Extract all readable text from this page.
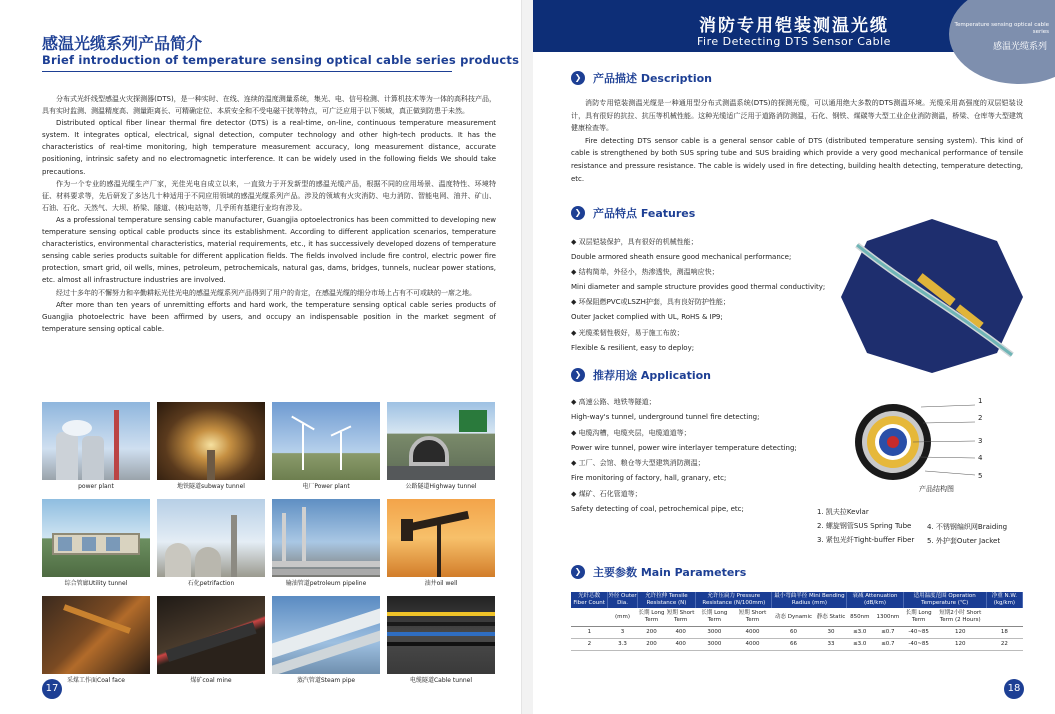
感温光缆系列产品简介
Brief introduction of temperature sensing optical cable series products

分布式光纤线型感温火灾探测器(DTS)，是一种实时、在线、连续的温度测量系统，集光、电、信号检测、计算机技术等为一体的高科技产品，具有实时监测、测温精度高、测量距离长、可精确定位、本质安全和不受电磁干扰等特点，可广泛应用于以下领域，真正做到防患于未然。

Distributed optical fiber linear thermal fire detector (DTS) is a real-time, on-line, continuous temperature measurement system. It integrates optical, electrical, signal detection, computer technology and other high-tech products. It has the characteristics of real-time monitoring, high temperature measurement accuracy, long measurement distance, accurate positioning, intrinsic safety and no electromagnetic interference. It can be widely used in the following fields We should take precautions.

作为一个专业的感温光缆生产厂家，光佳光电自成立以来，一直致力于开发新型的感温光缆产品，根据不同的应用场景、温度特性、环境特征、材料要求等，先后研发了多达几十种适用于不同应用领域的感温光缆系列产品。涉及的领域有火灾消防、电力消防、智能电网、油井、矿山、石油、石化、天然气、大坝、桥梁、隧道、(核)电站等，几乎所有基建行业均有涉及。

As a professional temperature sensing cable manufacturer, Guangjia optoelectronics has been committed to developing new temperature sensing optical cable products since its establishment. According to different application scenarios, temperature characteristics, environmental characteristics, material requirements, etc., it has successively developed dozens of temperature sensing cable series products suitable for different application fields. The fields involved include fire control, electric power fire protection, smart grid, oil wells, mines, petroleum, petrochemicals, natural gas, dams, bridges, tunnels, nuclear power stations, etc. almost all infrastructure industries are involved.

经过十多年的不懈努力和辛勤耕耘光佳光电的感温光缆系列产品得到了用户的肯定，在感温光缆的细分市场上占有不可或缺的一席之地。

After more than ten years of unremitting efforts and hard work, the temperature sensing optical cable series products of Guangjia photoelectric have been affirmed by users, and occupy an indispensable position in the market segment of temperature sensing optical cable.

power plant	地铁隧道subway tunnel	电厂Power plant	公路隧道Highway tunnel
综合管廊Utility tunnel	石化petrifaction	输油管道petroleum pipeline	油井oil well
采煤工作面Coal face	煤矿coal mine	蒸汽管道Steam pipe	电缆隧道Cable tunnel
17
Temperature sensing optical cable series
感温光缆系列
消防专用铠装测温光缆
Fire Detecting DTS Sensor Cable
❯	产品描述 Description

消防专用铠装测温光缆是一种通用型分布式测温系统(DTS)的探测光缆，可以通用绝大多数的DTS测温环境。光缆采用高强度的双层铠装设计，具有很好的抗拉、抗压等机械性能。这种光缆适广泛用于道路消防测温，石化、钢铁、煤碳等大型工业企业消防测温，桥梁、仓库等大型建筑健康检查等。

Fire detecting DTS sensor cable is a general sensor cable of DTS (distributed temperature sensing system). This kind of cable is strengthened by both SUS spring tube and SUS braiding which provide a very good mechanical performance of tensile resistance and pressure resistance. The cable is widely used in fire detecting, building health detecting, temperature detecting, etc.

❯	产品特点 Features
◆ 双层铠装保护，具有很好的机械性能；
Double armored sheath ensure good mechanical performance;
◆ 结构简单，外径小，热渗透快，测温响应快；
Mini diameter and sample structure provides good thermal conductivity;
◆ 环保阻燃PVC或LSZH护套，具有良好防护性能；
Outer Jacket complied with UL, RoHS & IP9;
◆ 光缆柔韧性极好，易于施工布放；
Flexible & resilient, easy to deploy;
❯	推荐用途 Application
◆ 高速公路、地铁等隧道；
High-way's tunnel, underground tunnel fire detecting;
◆ 电缆沟槽，电缆夹层，电缆道道等；
Power wire tunnel, power wire interlayer temperature detecting;
◆ 工厂、会馆、粮仓等大型建筑消防测温；
Fire monitoring of factory, hall, granary, etc;
◆ 煤矿、石化管道等；
Safety detecting of coal, petrochemical pipe, etc;
1
2
3
4
5
产品结构图
1. 凯夫拉Kevlar
2. 螺旋钢管SUS Spring Tube
3. 紧包光纤Tight-buffer Fiber
4. 不锈钢编织网Braiding
5. 外护套Outer Jacket
❯	主要参数 Main Parameters
光纤芯数 Fiber Count	外径 Outer Dia.	允许拉伸 Tensile Resistance (N)		允许压扁力 Pressure Resistance (N/100mm)		最小弯曲半径 Mini Bending Radius (mm)		衰减 Attenuation (dB/km)		适用温度范围 Operation Temperature (℃)		净重 N.W. (kg/km)
	(mm)	长期 Long Term	短期 Short Term	长期 Long Term	短期 Short Term	动态 Dynamic	静态 Static	850nm	1300nm	长期 Long Term	短期2小时 Short Term (2 Hours)	
1	3	200	400	3000	4000	60	30	≤3.0	≤0.7	-40~85	120	18
2	3.3	200	400	3000	4000	66	33	≤3.0	≤0.7	-40~85	120	22
18
